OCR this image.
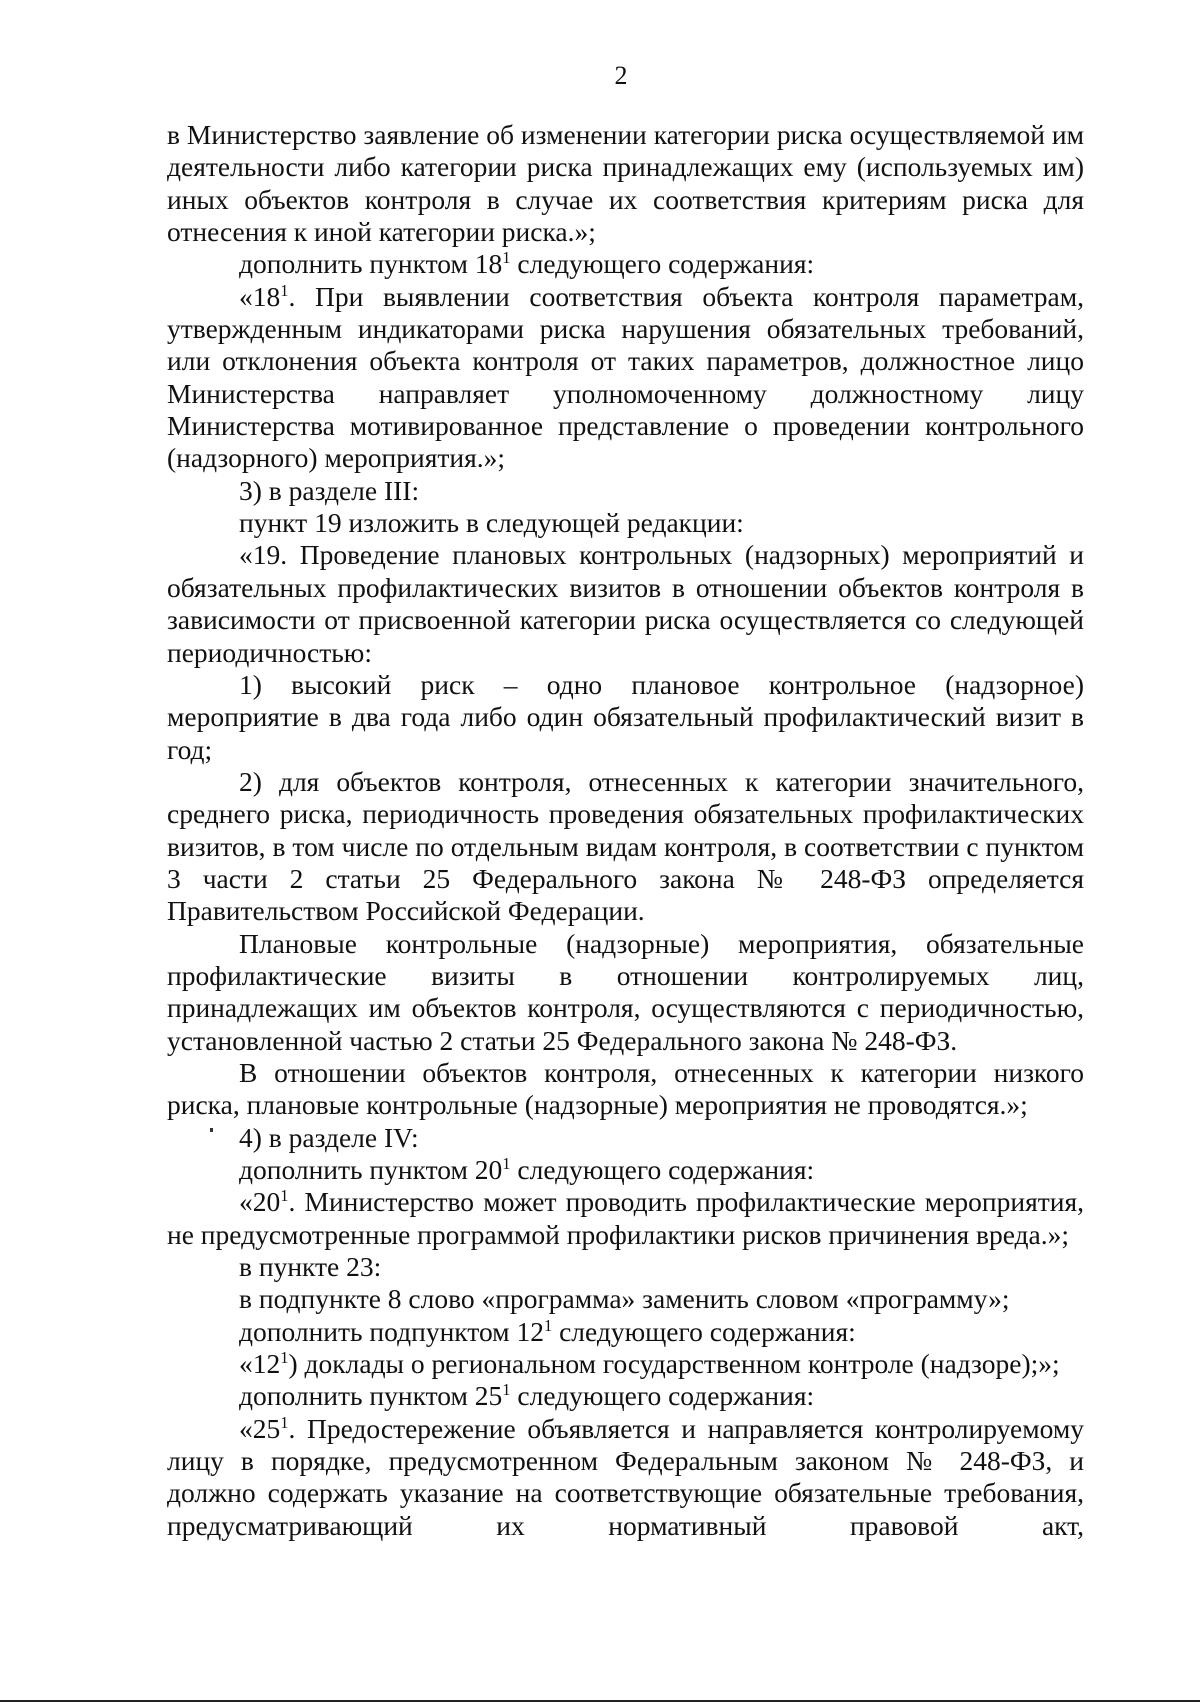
2

в Министерство заявление об изменении категории риска осуществляемой им деятельности либо категории риска принадлежащих ему (используемых им) иных объектов контроля в случае их соответствия критериям риска для отнесения к иной категории риска.»;

дополнить пунктом $18^1$ следующего содержания:

«$18^1$. При выявлении соответствия объекта контроля параметрам, утвержденным индикаторами риска нарушения обязательных требований, или отклонения объекта контроля от таких параметров, должностное лицо Министерства направляет уполномоченному должностному лицу Министерства мотивированное представление о проведении контрольного (надзорного) мероприятия.»;

3) в разделе III:

пункт 19 изложить в следующей редакции:

«19. Проведение плановых контрольных (надзорных) мероприятий и обязательных профилактических визитов в отношении объектов контроля в зависимости от присвоенной категории риска осуществляется со следующей периодичностью:

1) высокий риск – одно плановое контрольное (надзорное) мероприятие в два года либо один обязательный профилактический визит в год;

2) для объектов контроля, отнесенных к категории значительного, среднего риска, периодичность проведения обязательных профилактических визитов, в том числе по отдельным видам контроля, в соответствии с пунктом 3 части 2 статьи 25 Федерального закона № 248-ФЗ определяется Правительством Российской Федерации.

Плановые контрольные (надзорные) мероприятия, обязательные профилактические визиты в отношении контролируемых лиц, принадлежащих им объектов контроля, осуществляются с периодичностью, установленной частью 2 статьи 25 Федерального закона № 248-ФЗ.

В отношении объектов контроля, отнесенных к категории низкого риска, плановые контрольные (надзорные) мероприятия не проводятся.»;

4) в разделе IV:

дополнить пунктом $20^1$ следующего содержания:

«$20^1$. Министерство может проводить профилактические мероприятия, не предусмотренные программой профилактики рисков причинения вреда.»;

в пункте 23:

в подпункте 8 слово «программа» заменить словом «программу»;

дополнить подпунктом $12^1$ следующего содержания:

«$12^1$) доклады о региональном государственном контроле (надзоре);»;

дополнить пунктом $25^1$ следующего содержания:

«$25^1$. Предостережение объявляется и направляется контролируемому лицу в порядке, предусмотренном Федеральным законом № 248-ФЗ, и должно содержать указание на соответствующие обязательные требования, предусматривающий их нормативный правовой акт,
